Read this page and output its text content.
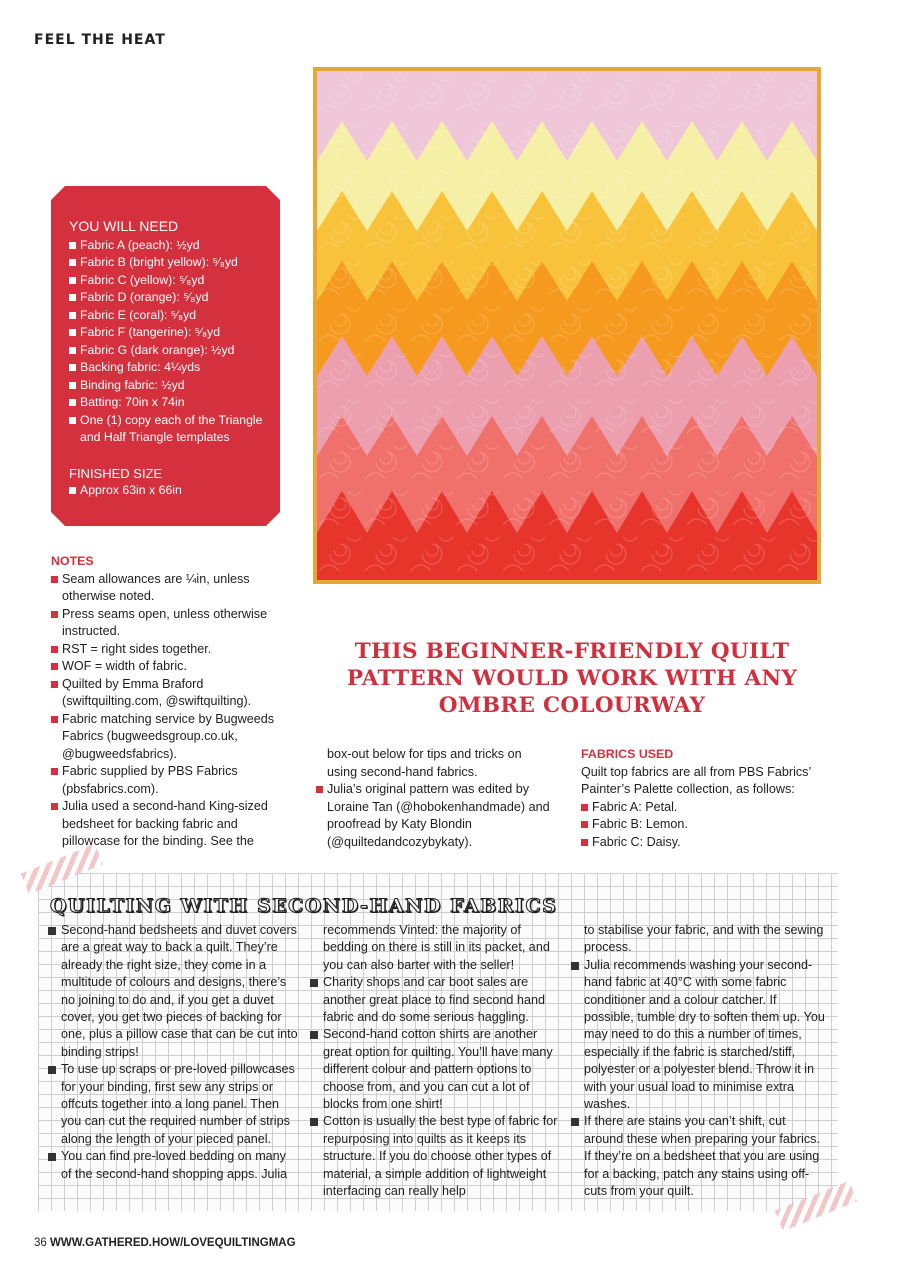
FEEL THE HEAT
YOU WILL NEED
Fabric A (peach): ½yd
Fabric B (bright yellow): ⁵⁄₈yd
Fabric C (yellow): ⁵⁄₈yd
Fabric D (orange): ⁵⁄₈yd
Fabric E (coral): ⁵⁄₈yd
Fabric F (tangerine): ⁵⁄₈yd
Fabric G (dark orange): ½yd
Backing fabric: 4¼yds
Binding fabric: ½yd
Batting: 70in x 74in
One (1) copy each of the Triangle and Half Triangle templates
FINISHED SIZE
Approx 63in x 66in
NOTES
Seam allowances are ¼in, unless otherwise noted.
Press seams open, unless otherwise instructed.
RST = right sides together.
WOF = width of fabric.
Quilted by Emma Braford (swiftquilting.com, @swiftquilting).
Fabric matching service by Bugweeds Fabrics (bugweedsgroup.co.uk, @bugweedsfabrics).
Fabric supplied by PBS Fabrics (pbsfabrics.com).
Julia used a second-hand King-sized bedsheet for backing fabric and pillowcase for the binding. See the
THIS BEGINNER-FRIENDLY QUILT PATTERN WOULD WORK WITH ANY OMBRE COLOURWAY
box-out below for tips and tricks on using second-hand fabrics.
Julia’s original pattern was edited by Loraine Tan (@hobokenhandmade) and proofread by Katy Blondin (@quiltedandcozybykaty).
FABRICS USED
Quilt top fabrics are all from PBS Fabrics’ Painter’s Palette collection, as follows:
Fabric A: Petal.
Fabric B: Lemon.
Fabric C: Daisy.
QUILTING WITH SECOND-HAND FABRICS
Second-hand bedsheets and duvet covers are a great way to back a quilt. They’re already the right size, they come in a multitude of colours and designs, there’s no joining to do and, if you get a duvet cover, you get two pieces of backing for one, plus a pillow case that can be cut into binding strips!
To use up scraps or pre-loved pillowcases for your binding, first sew any strips or offcuts together into a long panel. Then you can cut the required number of strips along the length of your pieced panel.
You can find pre-loved bedding on many of the second-hand shopping apps. Julia
recommends Vinted: the majority of bedding on there is still in its packet, and you can also barter with the seller!
Charity shops and car boot sales are another great place to find second hand fabric and do some serious haggling.
Second-hand cotton shirts are another great option for quilting. You’ll have many different colour and pattern options to choose from, and you can cut a lot of blocks from one shirt!
Cotton is usually the best type of fabric for repurposing into quilts as it keeps its structure. If you do choose other types of material, a simple addition of lightweight interfacing can really help
to stabilise your fabric, and with the sewing process.
Julia recommends washing your second-hand fabric at 40°C with some fabric conditioner and a colour catcher. If possible, tumble dry to soften them up. You may need to do this a number of times, especially if the fabric is starched/stiff, polyester or a polyester blend. Throw it in with your usual load to minimise extra washes.
If there are stains you can’t shift, cut around these when preparing your fabrics. If they’re on a bedsheet that you are using for a backing, patch any stains using off-cuts from your quilt.
36 WWW.GATHERED.HOW/LOVEQUILTINGMAG
